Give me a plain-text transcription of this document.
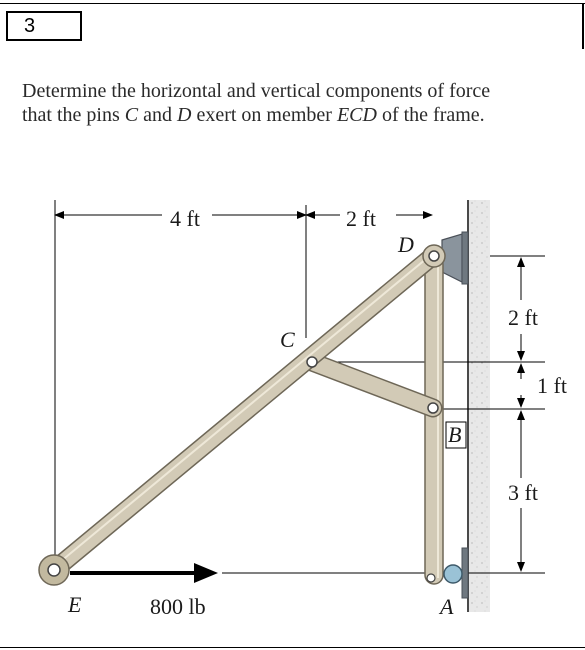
3

Determine the horizontal and vertical components of force
that the pins C and D exert on member ECD of the frame.

4 ft	2 ft
2 ft
1 ft
3 ft
D
C
B
E	A
800 lb
